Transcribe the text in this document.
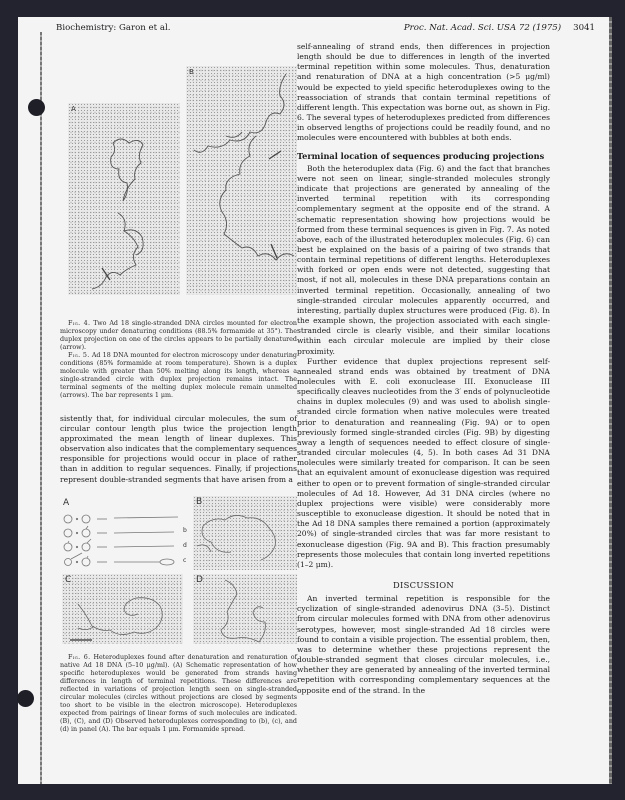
Biochemistry: Garon et al.	Proc. Nat. Acad. Sci. USA 72 (1975) 3041
A
B

Fig. 4. Two Ad 18 single-stranded DNA circles mounted for electron microscopy under denaturing conditions (88.5% formamide at 35°). The duplex projection on one of the circles appears to be partially denatured (arrow).

Fig. 5. Ad 18 DNA mounted for electron microscopy under denaturing conditions (85% formamide at room temperature). Shown is a duplex molecule with greater than 50% melting along its length, whereas a single-stranded circle with duplex projection remains intact. The terminal segments of the melting duplex molecule remain unmelted (arrows). The bar represents 1 μm.

sistently that, for individual circular molecules, the sum of circular contour length plus twice the projection length approximated the mean length of linear duplexes. This observation also indicates that the complementary sequences responsible for projections would occur in place of rather than in addition to regular sequences. Finally, if projections represent double-stranded segments that have arisen from a

A
b
d
c
B
C	D

Fig. 6. Heteroduplexes found after denaturation and renaturation of native Ad 18 DNA (5–10 μg/ml). (A) Schematic representation of how specific heteroduplexes would be generated from strands having differences in length of terminal repetitions. These differences are reflected in variations of projection length seen on single-stranded circular molecules (circles without projections are closed by segments too short to be visible in the electron microscope). Heteroduplexes expected from pairings of linear forms of such molecules are indicated. (B), (C), and (D) Observed heteroduplexes corresponding to (b), (c), and (d) in panel (A). The bar equals 1 μm. Formamide spread.

self-annealing of strand ends, then differences in projection length should be due to differences in length of the inverted terminal repetition within some molecules. Thus, denaturation and renaturation of DNA at a high concentration (>5 μg/ml) would be expected to yield specific heteroduplexes owing to the reassociation of strands that contain terminal repetitions of different length. This expectation was borne out, as shown in Fig. 6. The several types of heteroduplexes predicted from differences in observed lengths of projections could be readily found, and no molecules were encountered with bubbles at both ends.

Terminal location of sequences producing projections

Both the heteroduplex data (Fig. 6) and the fact that branches were not seen on linear, single-stranded molecules strongly indicate that projections are generated by annealing of the inverted terminal repetition with its corresponding complementary segment at the opposite end of the strand. A schematic representation showing how projections would be formed from these terminal sequences is given in Fig. 7. As noted above, each of the illustrated heteroduplex molecules (Fig. 6) can best be explained on the basis of a pairing of two strands that contain terminal repetitions of different lengths. Heteroduplexes with forked or open ends were not detected, suggesting that most, if not all, molecules in these DNA preparations contain an inverted terminal repetition. Occasionally, annealing of two single-stranded circular molecules apparently occurred, and interesting, partially duplex structures were produced (Fig. 8). In the example shown, the projection associated with each single-stranded circle is clearly visible, and their similar locations within each circular molecule are implied by their close proximity.

Further evidence that duplex projections represent self-annealed strand ends was obtained by treatment of DNA molecules with E. coli exonuclease III. Exonuclease III specifically cleaves nucleotides from the 3′ ends of polynucleotide chains in duplex molecules (9) and was used to abolish single-stranded circle formation when native molecules were treated prior to denaturation and reannealing (Fig. 9A) or to open previously formed single-stranded circles (Fig. 9B) by digesting away a length of sequences needed to effect closure of single-stranded circular molecules (4, 5). In both cases Ad 31 DNA molecules were similarly treated for comparison. It can be seen that an equivalent amount of exonuclease digestion was required either to open or to prevent formation of single-stranded circular molecules of Ad 18. However, Ad 31 DNA circles (where no duplex projections were visible) were considerably more susceptible to exonuclease digestion. It should be noted that in the Ad 18 DNA samples there remained a portion (approximately 20%) of single-stranded circles that was far more resistant to exonuclease digestion (Fig. 9A and B). This fraction presumably represents those molecules that contain long inverted repetitions (1–2 μm).

DISCUSSION

An inverted terminal repetition is responsible for the cyclization of single-stranded adenovirus DNA (3–5). Distinct from circular molecules formed with DNA from other adenovirus serotypes, however, most single-stranded Ad 18 circles were found to contain a visible projection. The essential problem, then, was to determine whether these projections represent the double-stranded segment that closes circular molecules, i.e., whether they are generated by annealing of the inverted terminal repetition with corresponding complementary sequences at the opposite end of the strand. In the
